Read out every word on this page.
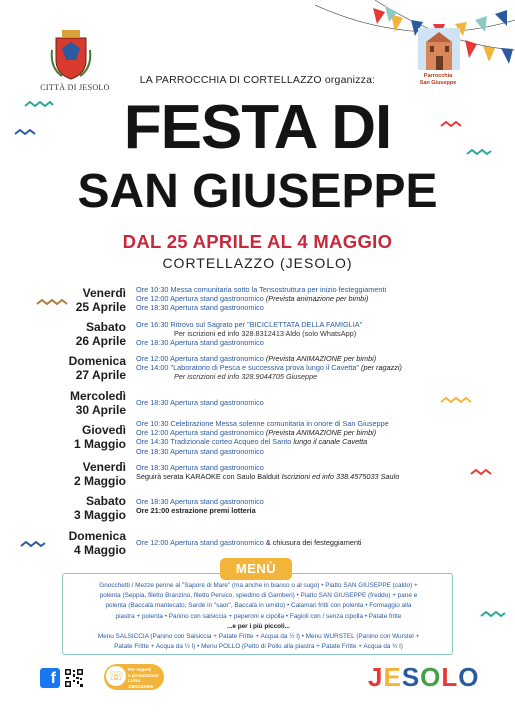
CITTÀ DI JESOLO
Parrocchia
San Giuseppe
LA PARROCCHIA DI CORTELLAZZO organizza:
FESTA DI
SAN GIUSEPPE
DAL 25 APRILE AL 4 MAGGIO
CORTELLAZZO (JESOLO)
Venerdì
25 Aprile
Ore 10:30 Messa comunitaria sotto la Tensostruttura per inizio festeggiamenti
Ore 12:00 Apertura stand gastronomico (Prevista animazione per bimbi)
Ore 18:30 Apertura stand gastronomico
Sabato
26 Aprile
Ore 16:30 Ritrovo sul Sagrato per "BICICLETTATA DELLA FAMIGLIA"
Per iscrizioni ed info 328.8312413 Aldo (solo WhatsApp)
Ore 18:30 Apertura stand gastronomico
Domenica
27 Aprile
Ore 12:00 Apertura stand gastronomico (Prevista ANIMAZIONE per bimbi)
Ore 14:00 "Laboratorio di Pesca e successiva prova lungo il Cavetta" (per ragazzi)
Per iscrizioni ed info 328.9044705 Giuseppe
Mercoledì
30 Aprile
Ore 18:30 Apertura stand gastronomico
Giovedì
1 Maggio
Ore 10:30 Celebrazione Messa solenne comunitaria in onore di San Giuseppe
Ore 12:00 Apertura stand gastronomico (Prevista ANIMAZIONE per bimbi)
Ore 14:30 Tradizionale corteo Acqueo del Santo lungo il canale Cavetta
Ore 18:30 Apertura stand gastronomico
Venerdì
2 Maggio
Ore 18:30 Apertura stand gastronomico
Seguirà serata KARAOKE con Saulo Balduit Iscrizioni ed info 338.4575033 Saulo
Sabato
3 Maggio
Ore 18:30 Apertura stand gastronomico
Ore 21:00 estrazione premi lotteria
Domenica
4 Maggio
Ore 12:00 Apertura stand gastronomico & chiusura dei festeggiamenti
MENÙ
Gnocchetti / Mezze penne al "Sapore di Mare" (ma anche in bianco o al sugo) • Piatto SAN GIUSEPPE (caldo) +
polenta (Seppia, filetto Branzino, filetto Persico, spiedino di Gamberi) • Piatto SAN GIUSEPPE (freddo) + pane e
polenta (Baccalà mantecato, Sarde in "saor", Baccalà in umido) • Calamari fritti con polenta • Formaggio alla
piastra + polenta • Panino con salsiccia + peperoni e cipolla • Fagioli con / senza cipolla • Patate fritte
...e per i più piccoli...
Menu SALSICCIA (Panino con Salsiccia + Patate Fritte + Acqua da ½ l) • Menu WURSTEL (Panino con Wurstel +
Patate Fritte + Acqua da ½ l) • Menu POLLO (Petto di Pollo alla piastra + Patate Fritte + Acqua da ½ l)
f	☏	Per esperti
e prenotazioni
LUNA 3404343095	JESOLO
